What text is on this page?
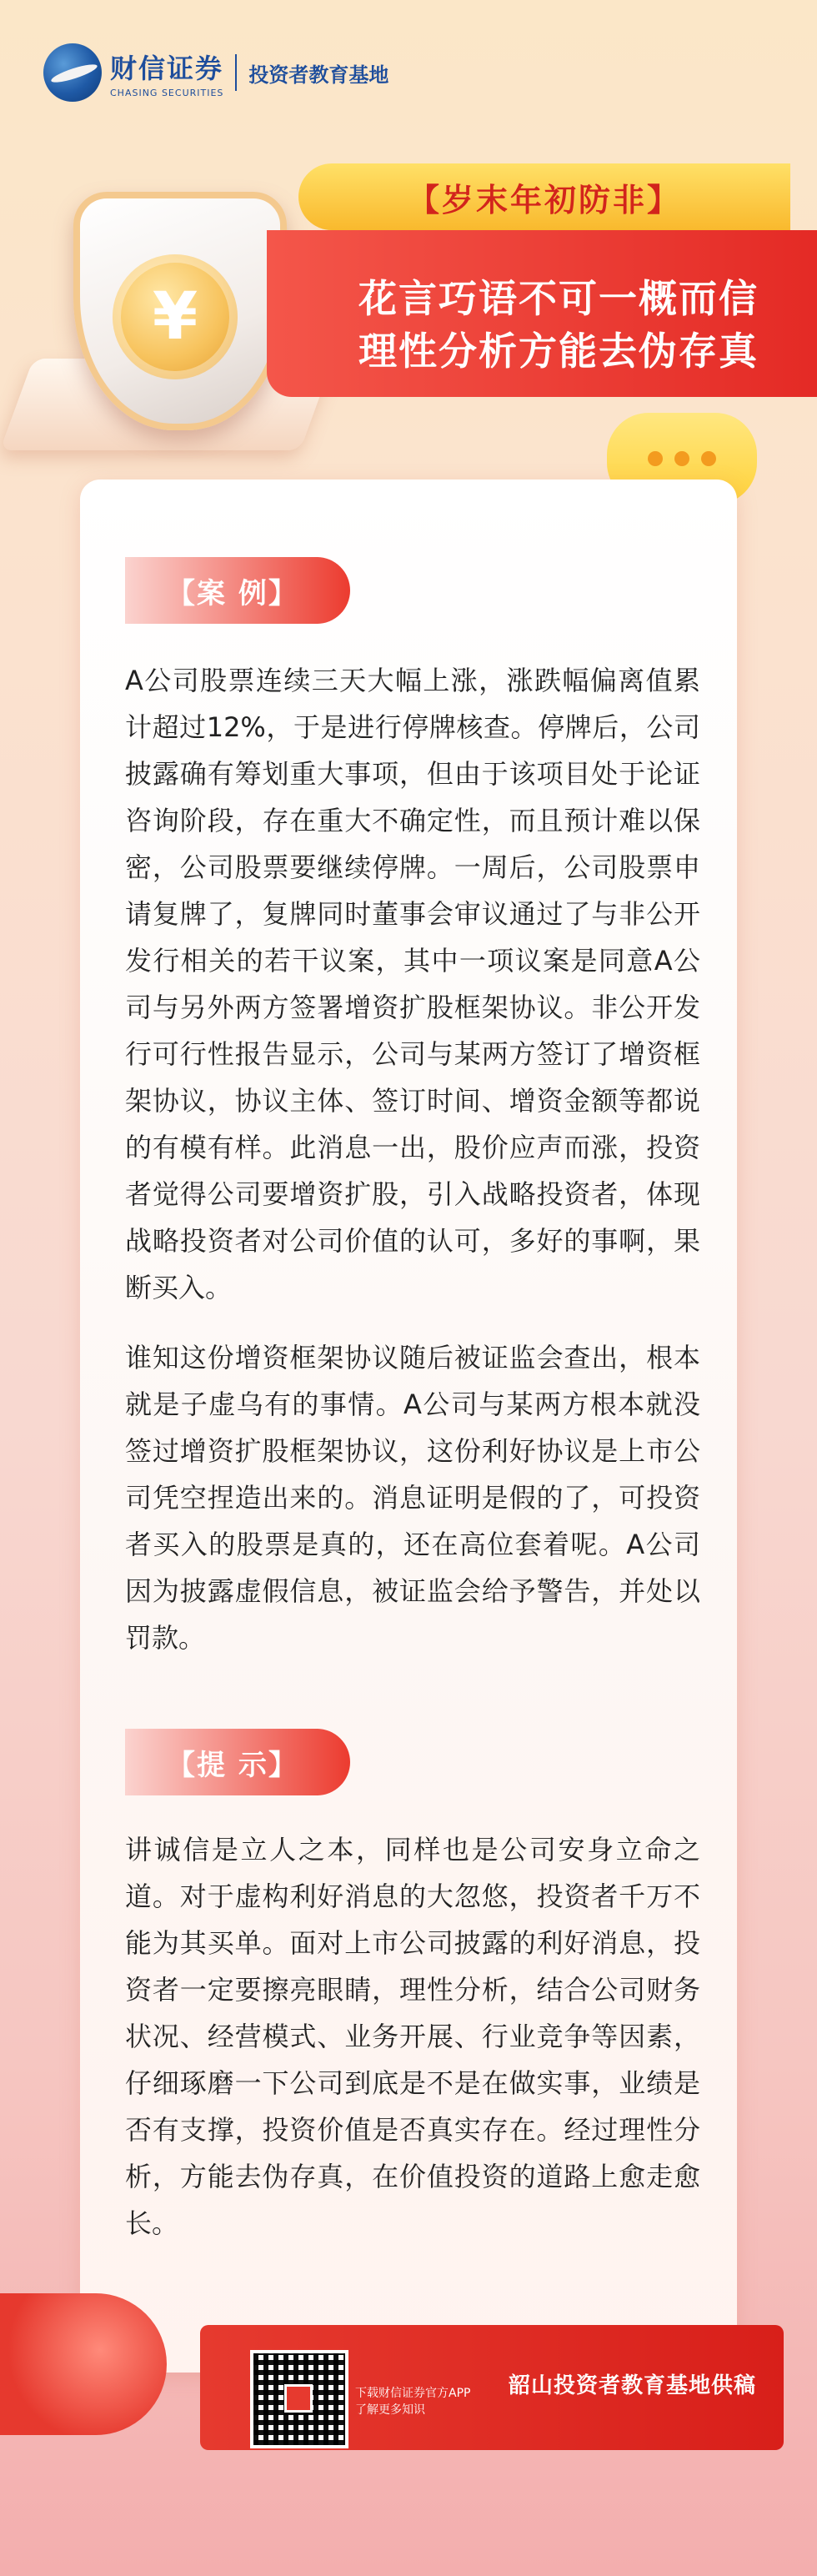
财信证券
CHASING SECURITIES
投资者教育基地
¥
【岁末年初防非】
花言巧语不可一概而信
理性分析方能去伪存真
【案 例】
A公司股票连续三天大幅上涨，涨跌幅偏离值累计超过12%，于是进行停牌核查。停牌后，公司披露确有筹划重大事项，但由于该项目处于论证咨询阶段，存在重大不确定性，而且预计难以保密，公司股票要继续停牌。一周后，公司股票申请复牌了，复牌同时董事会审议通过了与非公开发行相关的若干议案，其中一项议案是同意A公司与另外两方签署增资扩股框架协议。非公开发行可行性报告显示，公司与某两方签订了增资框架协议，协议主体、签订时间、增资金额等都说的有模有样。此消息一出，股价应声而涨，投资者觉得公司要增资扩股，引入战略投资者，体现战略投资者对公司价值的认可，多好的事啊，果断买入。
谁知这份增资框架协议随后被证监会查出，根本就是子虚乌有的事情。A公司与某两方根本就没签过增资扩股框架协议，这份利好协议是上市公司凭空捏造出来的。消息证明是假的了，可投资者买入的股票是真的，还在高位套着呢。A公司因为披露虚假信息，被证监会给予警告，并处以罚款。
【提 示】
讲诚信是立人之本，同样也是公司安身立命之道。对于虚构利好消息的大忽悠，投资者千万不能为其买单。面对上市公司披露的利好消息，投资者一定要擦亮眼睛，理性分析，结合公司财务状况、经营模式、业务开展、行业竞争等因素，仔细琢磨一下公司到底是不是在做实事，业绩是否有支撑，投资价值是否真实存在。经过理性分析，方能去伪存真，在价值投资的道路上愈走愈长。
下载财信证券官方APP
了解更多知识
韶山投资者教育基地供稿
